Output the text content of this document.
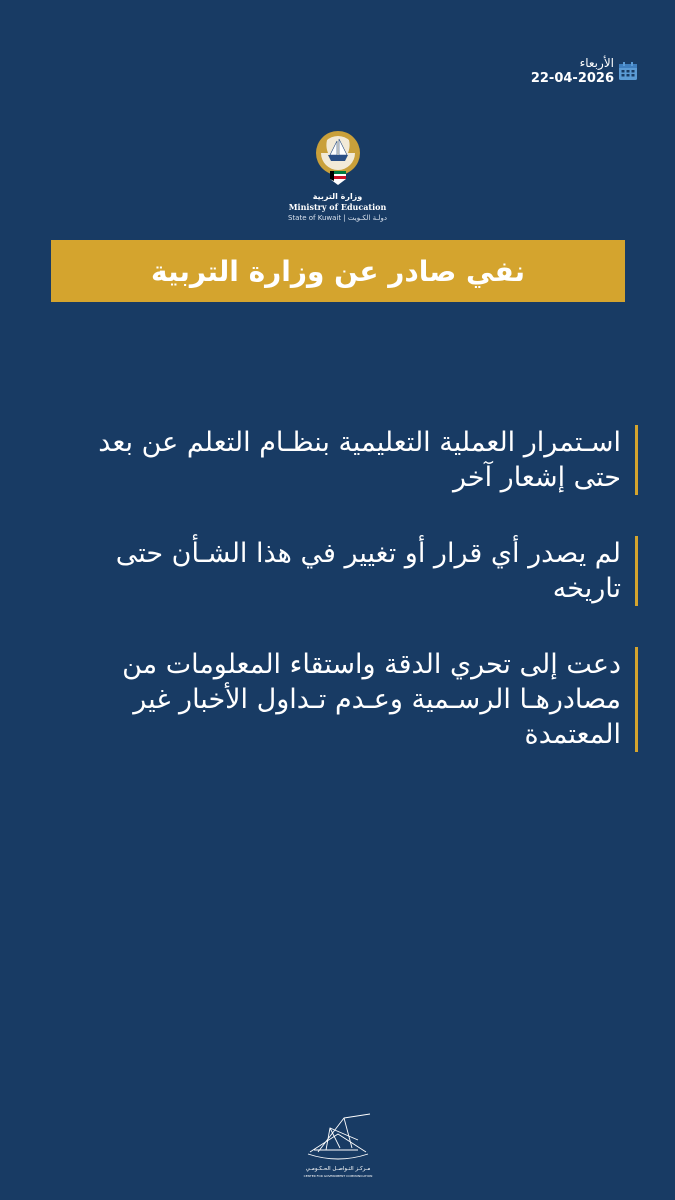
الأربعاء
22-04-2026
وزارة التربية
Ministry of Education
State of Kuwait | دولـة الكـويت
نفي صادر عن وزارة التربية
اسـتمرار العملية التعليمية بنظـام التعلم عن بعد حتى إشعار آخر
لم يصدر أي قرار أو تغيير في هذا الشـأن حتى تاريخه
دعت إلى تحري الدقة واستقاء المعلومات من مصادرهـا الرسـمية وعـدم تـداول الأخبار غير المعتمدة
مـركـز التـواصـل الحـكـومـي
CENTER FOR GOVERNMENT COMMUNICATION
